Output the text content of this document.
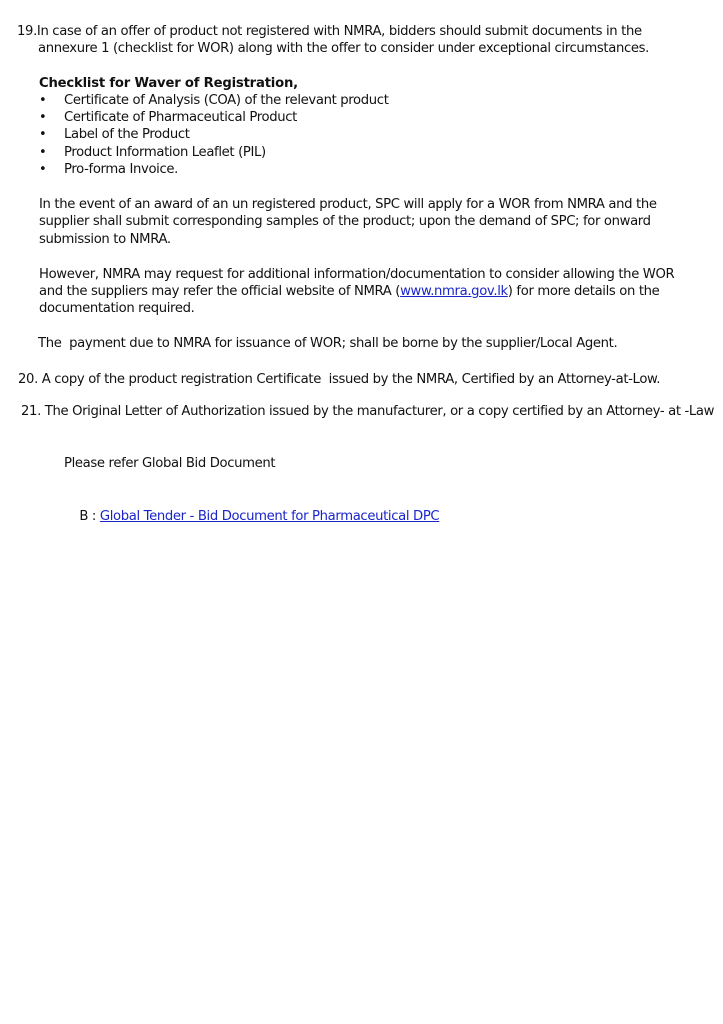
19.In case of an offer of product not registered with NMRA, bidders should submit documents in the
annexure 1 (checklist for WOR) along with the offer to consider under exceptional circumstances.
Checklist for Waver of Registration,
• Certificate of Analysis (COA) of the relevant product
• Certificate of Pharmaceutical Product
• Label of the Product
• Product Information Leaflet (PIL)
• Pro-forma Invoice.
In the event of an award of an un registered product, SPC will apply for a WOR from NMRA and the
supplier shall submit corresponding samples of the product; upon the demand of SPC; for onward
submission to NMRA.
However, NMRA may request for additional information/documentation to consider allowing the WOR
and the suppliers may refer the official website of NMRA (www.nmra.gov.lk) for more details on the
documentation required.
The  payment due to NMRA for issuance of WOR; shall be borne by the supplier/Local Agent.
20. A copy of the product registration Certificate  issued by the NMRA, Certified by an Attorney-at-Low.
21. The Original Letter of Authorization issued by the manufacturer, or a copy certified by an Attorney- at -Law
Please refer Global Bid Document

B : Global Tender - Bid Document for Pharmaceutical DPC
